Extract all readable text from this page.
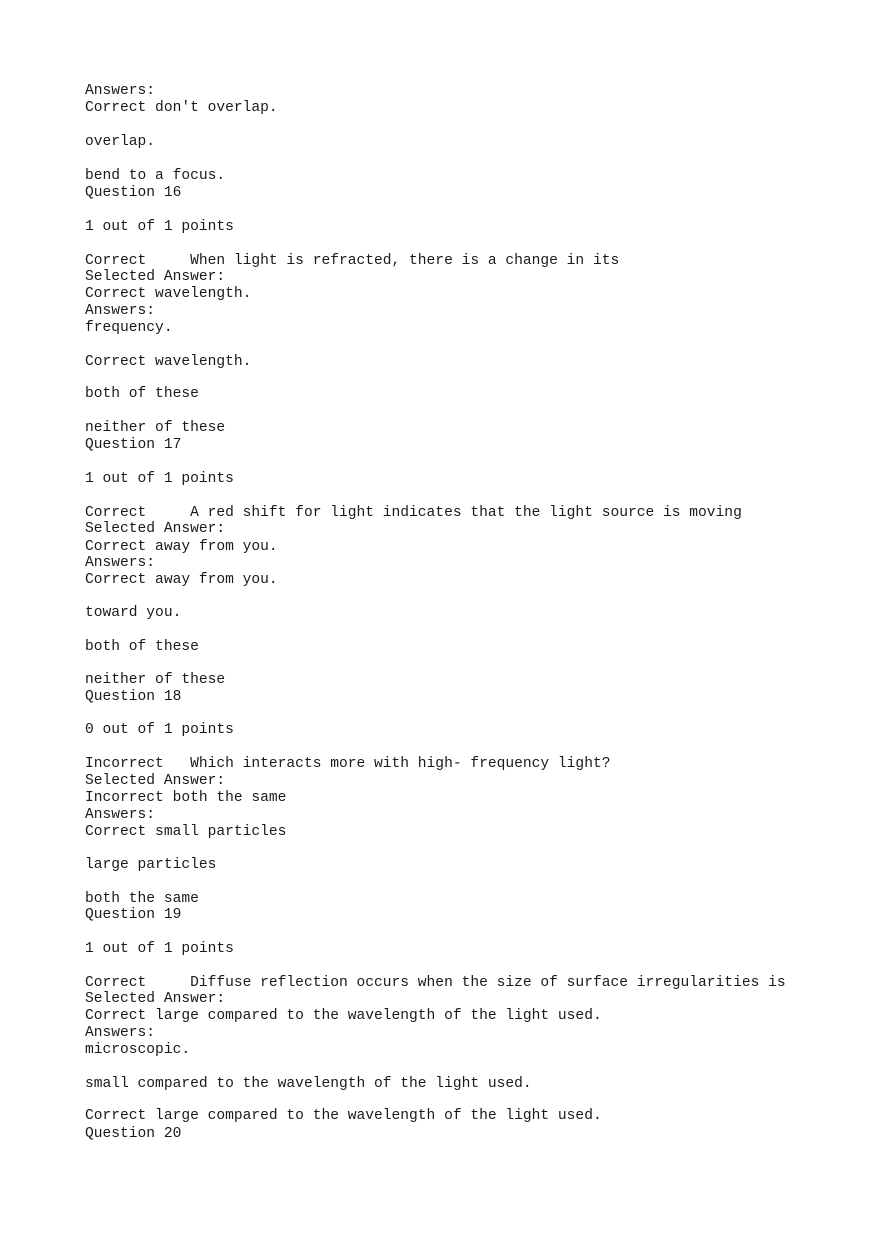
Answers:

Correct don't overlap.

overlap.

bend to a focus.

Question 16

1 out of 1 points

Correct     When light is refracted, there is a change in its

Selected Answer:

Correct wavelength.

Answers:

frequency.

Correct wavelength.

both of these

neither of these

Question 17

1 out of 1 points

Correct     A red shift for light indicates that the light source is moving

Selected Answer:

Correct away from you.

Answers:

Correct away from you.

toward you.

both of these

neither of these

Question 18

0 out of 1 points

Incorrect   Which interacts more with high- frequency light?

Selected Answer:

Incorrect both the same

Answers:

Correct small particles

large particles

both the same

Question 19

1 out of 1 points

Correct     Diffuse reflection occurs when the size of surface irregularities is

Selected Answer:

Correct large compared to the wavelength of the light used.

Answers:

microscopic.

small compared to the wavelength of the light used.

Correct large compared to the wavelength of the light used.

Question 20
